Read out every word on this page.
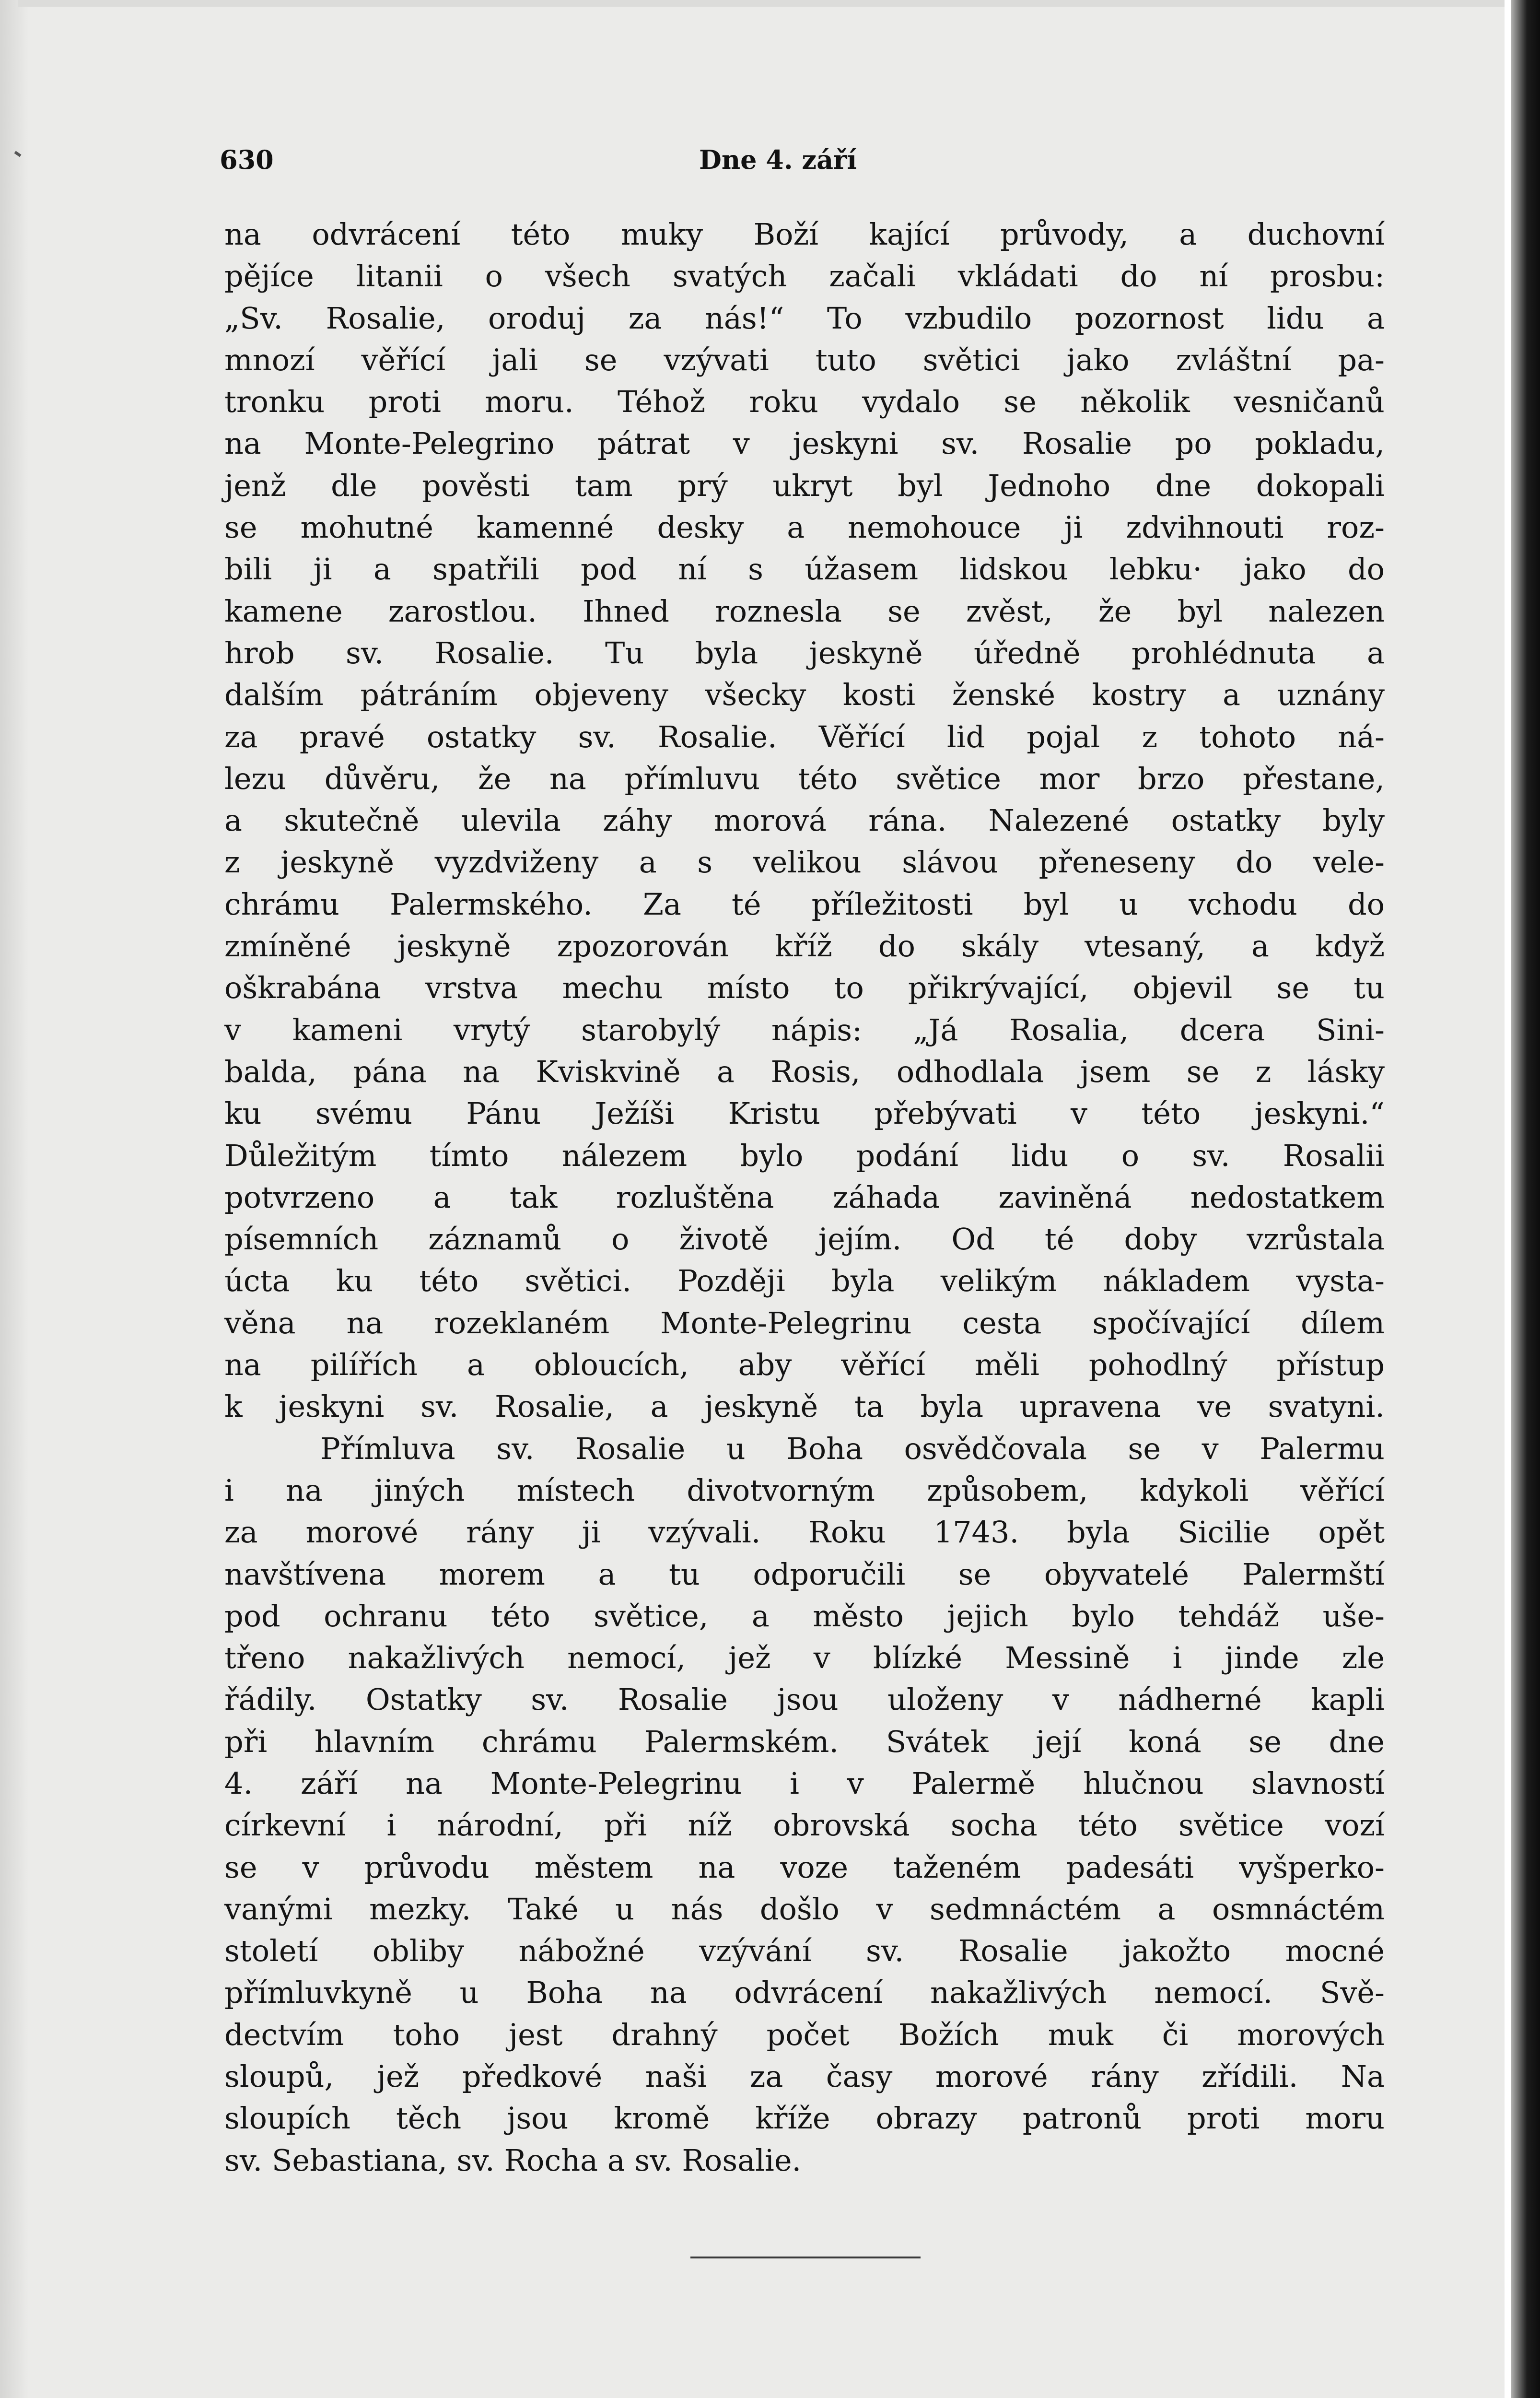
630	Dne 4. září
na odvrácení této muky Boží kající průvody, a duchovní
pějíce litanii o všech svatých začali vkládati do ní prosbu:
„Sv. Rosalie, oroduj za nás!“ To vzbudilo pozornost lidu a
mnozí věřící jali se vzývati tuto světici jako zvláštní pa-
tronku proti moru. Téhož roku vydalo se několik vesničanů
na Monte-Pelegrino pátrat v jeskyni sv. Rosalie po pokladu,
jenž dle pověsti tam prý ukryt byl Jednoho dne dokopali
se mohutné kamenné desky a nemohouce ji zdvihnouti roz-
bili ji a spatřili pod ní s úžasem lidskou lebku· jako do
kamene zarostlou. Ihned roznesla se zvěst, že byl nalezen
hrob sv. Rosalie. Tu byla jeskyně úředně prohlédnuta a
dalším pátráním objeveny všecky kosti ženské kostry a uznány
za pravé ostatky sv. Rosalie. Věřící lid pojal z tohoto ná-
lezu důvěru, že na přímluvu této světice mor brzo přestane,
a skutečně ulevila záhy morová rána. Nalezené ostatky byly
z jeskyně vyzdviženy a s velikou slávou přeneseny do vele-
chrámu Palermského. Za té příležitosti byl u vchodu do
zmíněné jeskyně zpozorován kříž do skály vtesaný, a když
oškrabána vrstva mechu místo to přikrývající, objevil se tu
v kameni vrytý starobylý nápis: „Já Rosalia, dcera Sini-
balda, pána na Kviskvině a Rosis, odhodlala jsem se z lásky
ku svému Pánu Ježíši Kristu přebývati v této jeskyni.“
Důležitým tímto nálezem bylo podání lidu o sv. Rosalii
potvrzeno a tak rozluštěna záhada zaviněná nedostatkem
písemních záznamů o životě jejím. Od té doby vzrůstala
úcta ku této světici. Později byla velikým nákladem vysta-
věna na rozeklaném Monte-Pelegrinu cesta spočívající dílem
na pilířích a obloucích, aby věřící měli pohodlný přístup
k jeskyni sv. Rosalie, a jeskyně ta byla upravena ve svatyni.
Přímluva sv. Rosalie u Boha osvědčovala se v Palermu
i na jiných místech divotvorným způsobem, kdykoli věřící
za morové rány ji vzývali. Roku 1743. byla Sicilie opět
navštívena morem a tu odporučili se obyvatelé Palermští
pod ochranu této světice, a město jejich bylo tehdáž uše-
třeno nakažlivých nemocí, jež v blízké Messině i jinde zle
řádily. Ostatky sv. Rosalie jsou uloženy v nádherné kapli
při hlavním chrámu Palermském. Svátek její koná se dne
4. září na Monte-Pelegrinu i v Palermě hlučnou slavností
církevní i národní, při níž obrovská socha této světice vozí
se v průvodu městem na voze taženém padesáti vyšperko-
vanými mezky. Také u nás došlo v sedmnáctém a osmnáctém
století obliby nábožné vzývání sv. Rosalie jakožto mocné
přímluvkyně u Boha na odvrácení nakažlivých nemocí. Svě-
dectvím toho jest drahný počet Božích muk či morových
sloupů, jež předkové naši za časy morové rány zřídili. Na
sloupích těch jsou kromě kříže obrazy patronů proti moru
sv. Sebastiana, sv. Rocha a sv. Rosalie.
